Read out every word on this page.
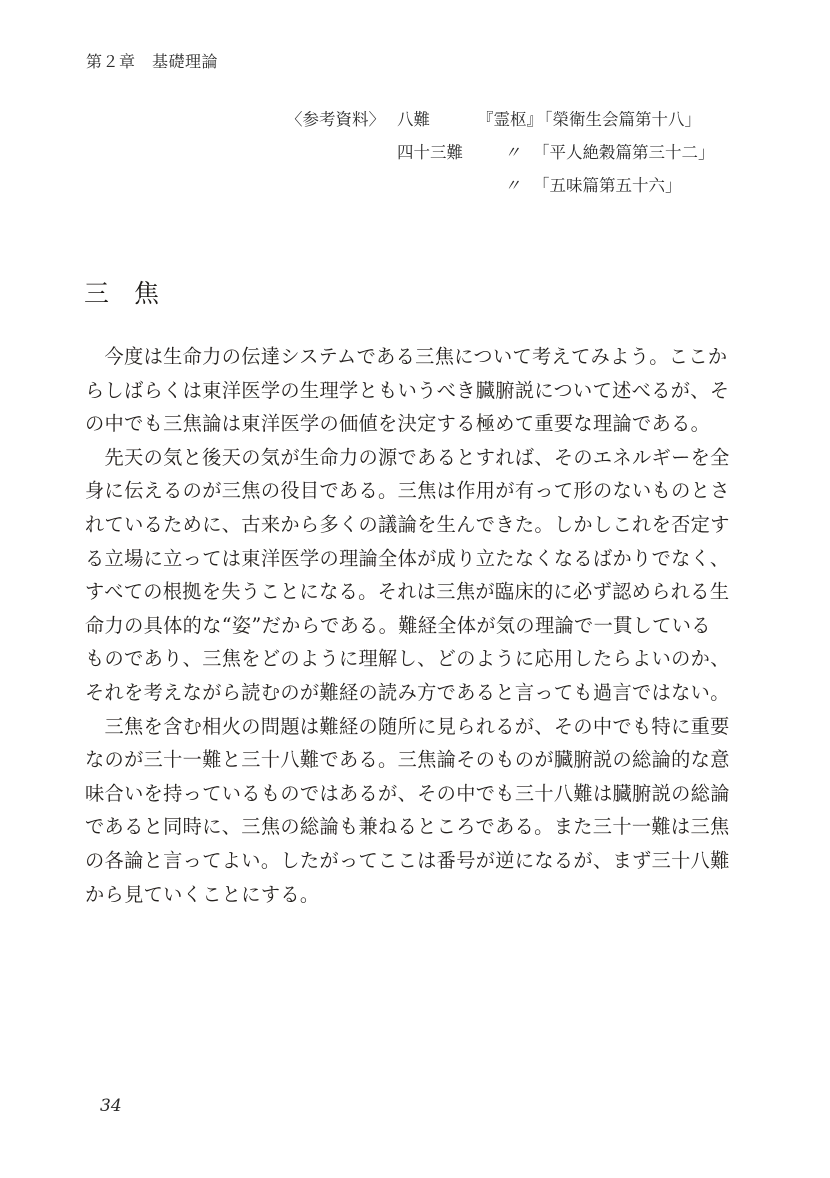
第２章　基礎理論
〈参考資料〉 八難	『霊枢』
「榮衛生会篇第十八」
四十三難 〃 「平人絶穀篇第三十二」
〃 「五味篇第五十六」
三　焦
今度は生命力の伝達システムである三焦について考えてみよう。ここか
らしばらくは東洋医学の生理学ともいうべき臓腑説について述べるが、そ
の中でも三焦論は東洋医学の価値を決定する極めて重要な理論である。
先天の気と後天の気が生命力の源であるとすれば、そのエネルギーを全
身に伝えるのが三焦の役目である。三焦は作用が有って形のないものとさ
れているために、古来から多くの議論を生んできた。しかしこれを否定す
る立場に立っては東洋医学の理論全体が成り立たなくなるばかりでなく、
すべての根拠を失うことになる。それは三焦が臨床的に必ず認められる生
命力の具体的な“姿”だからである。難経全体が気の理論で一貫している
ものであり、三焦をどのように理解し、どのように応用したらよいのか、
それを考えながら読むのが難経の読み方であると言っても過言ではない。
三焦を含む相火の問題は難経の随所に見られるが、その中でも特に重要
なのが三十一難と三十八難である。三焦論そのものが臓腑説の総論的な意
味合いを持っているものではあるが、その中でも三十八難は臓腑説の総論
であると同時に、三焦の総論も兼ねるところである。また三十一難は三焦
の各論と言ってよい。したがってここは番号が逆になるが、まず三十八難
から見ていくことにする。
34
